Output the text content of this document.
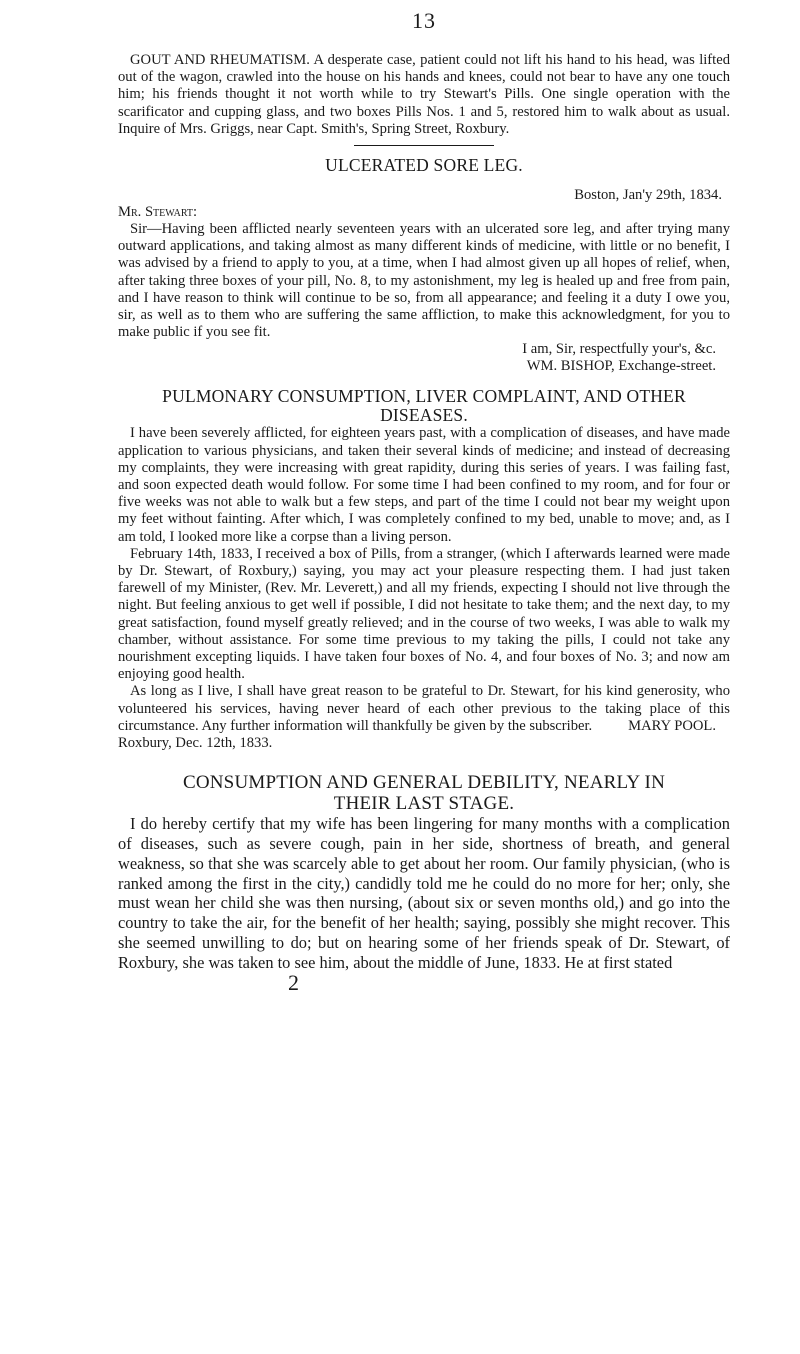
13

GOUT AND RHEUMATISM. A desperate case, patient could not lift his hand to his head, was lifted out of the wagon, crawled into the house on his hands and knees, could not bear to have any one touch him; his friends thought it not worth while to try Stewart's Pills. One single operation with the scarificator and cupping glass, and two boxes Pills Nos. 1 and 5, restored him to walk about as usual. Inquire of Mrs. Griggs, near Capt. Smith's, Spring Street, Roxbury.

ULCERATED SORE LEG.
Boston, Jan'y 29th, 1834.
Mr. Stewart:

Sir—Having been afflicted nearly seventeen years with an ulcerated sore leg, and after trying many outward applications, and taking almost as many different kinds of medicine, with little or no benefit, I was advised by a friend to apply to you, at a time, when I had almost given up all hopes of relief, when, after taking three boxes of your pill, No. 8, to my astonishment, my leg is healed up and free from pain, and I have reason to think will continue to be so, from all appearance; and feeling it a duty I owe you, sir, as well as to them who are suffering the same affliction, to make this acknowledgment, for you to make public if you see fit.

I am, Sir, respectfully your's, &c.
WM. BISHOP, Exchange-street.
PULMONARY CONSUMPTION, LIVER COMPLAINT, AND OTHER
DISEASES.

I have been severely afflicted, for eighteen years past, with a complication of diseases, and have made application to various physicians, and taken their several kinds of medicine; and instead of decreasing my complaints, they were increasing with great rapidity, during this series of years. I was failing fast, and soon expected death would follow. For some time I had been confined to my room, and for four or five weeks was not able to walk but a few steps, and part of the time I could not bear my weight upon my feet without fainting. After which, I was completely confined to my bed, unable to move; and, as I am told, I looked more like a corpse than a living person.

February 14th, 1833, I received a box of Pills, from a stranger, (which I afterwards learned were made by Dr. Stewart, of Roxbury,) saying, you may act your pleasure respecting them. I had just taken farewell of my Minister, (Rev. Mr. Leverett,) and all my friends, expecting I should not live through the night. But feeling anxious to get well if possible, I did not hesitate to take them; and the next day, to my great satisfaction, found myself greatly relieved; and in the course of two weeks, I was able to walk my chamber, without assistance. For some time previous to my taking the pills, I could not take any nourishment excepting liquids. I have taken four boxes of No. 4, and four boxes of No. 3; and now am enjoying good health.

As long as I live, I shall have great reason to be grateful to Dr. Stewart, for his kind generosity, who volunteered his services, having never heard of each other previous to the taking place of this circumstance. Any further information will thankfully be given by the subscriber.	MARY POOL.

Roxbury, Dec. 12th, 1833.
CONSUMPTION AND GENERAL DEBILITY, NEARLY IN
THEIR LAST STAGE.

I do hereby certify that my wife has been lingering for many months with a complication of diseases, such as severe cough, pain in her side, shortness of breath, and general weakness, so that she was scarcely able to get about her room. Our family physician, (who is ranked among the first in the city,) candidly told me he could do no more for her; only, she must wean her child she was then nursing, (about six or seven months old,) and go into the country to take the air, for the benefit of her health; saying, possibly she might recover. This she seemed unwilling to do; but on hearing some of her friends speak of Dr. Stewart, of Roxbury, she was taken to see him, about the middle of June, 1833. He at first stated

2
